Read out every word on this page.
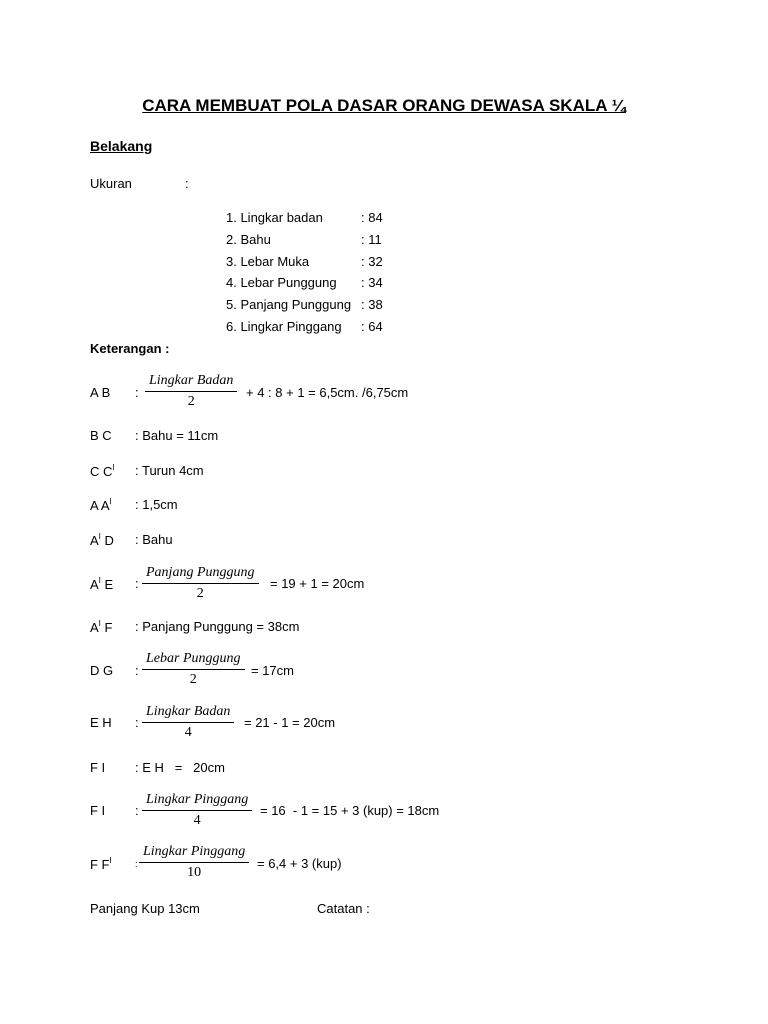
CARA MEMBUAT POLA DASAR ORANG DEWASA SKALA ¼
Belakang
Ukuran	:
1. Lingkar badan	: 84
2. Bahu	: 11
3. Lebar Muka	: 32
4. Lebar Punggung : 34
5. Panjang Punggung : 38
6. Lingkar Pinggang : 64
Keterangan :
A B :
Lingkar Badan
2
+ 4 : 8 + 1 = 6,5cm. /6,75cm
B C : Bahu = 11cm
C $C^I$ : Turun 4cm
A $A^I$ : 1,5cm
$A^I$ D : Bahu
$A^I$ E :
Panjang Punggung
2
= 19 + 1 = 20cm
$A^I$ F : Panjang Punggung = 38cm
D G :
Lebar Punggung
2
= 17cm
E H :
Lingkar Badan
4
= 21 - 1 = 20cm
F I : E H   =   20cm
F I :
Lingkar Pinggang
4
= 16  - 1 = 15 + 3 (kup) = 18cm
F $F^I$	:
Lingkar Pinggang
10
= 6,4 + 3 (kup)
Panjang Kup 13cm	Catatan :
